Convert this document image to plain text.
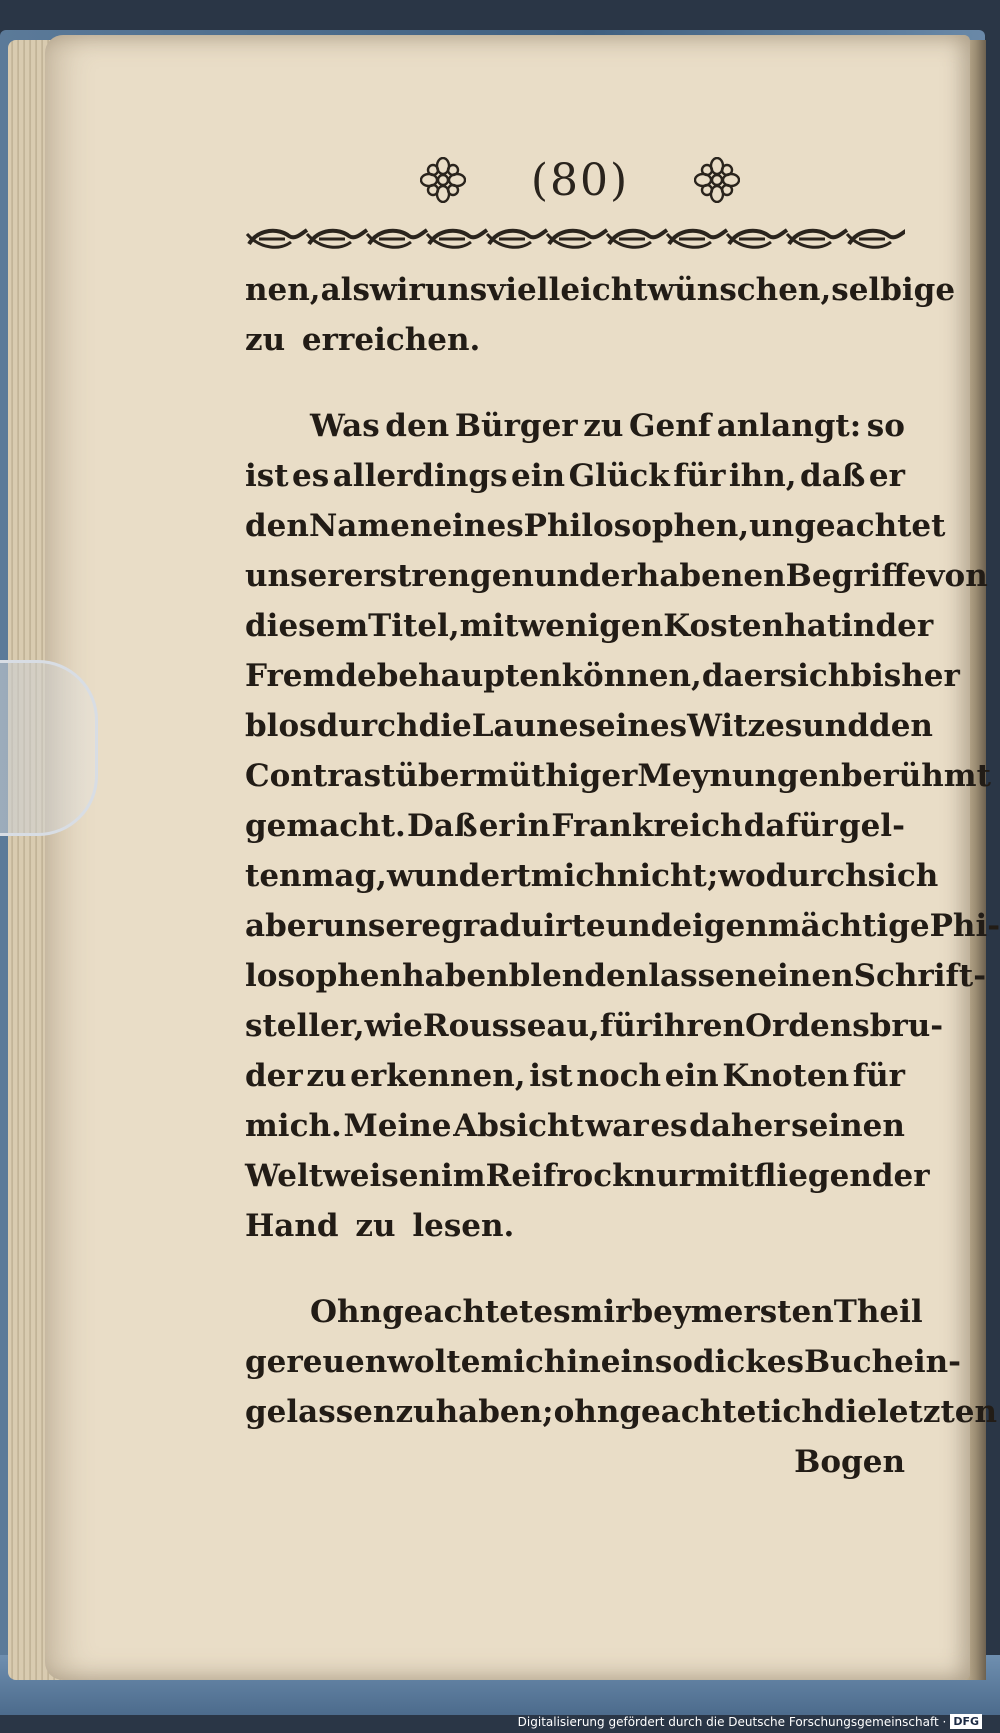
(80)
nen, als wir uns vielleicht wünschen, selbige
zu erreichen.
Was den Bürger zu Genf anlangt: so
ist es allerdings ein Glück für ihn, daß er
den Namen eines Philosophen, ungeachtet
unserer strengen und erhabenen Begriffe von
diesem Titel, mit wenigen Kosten hat in der
Fremde behaupten können, da er sich bisher
blos durch die Laune seines Witzes und den
Contrast übermüthiger Meynungen berühmt
gemacht. Daß er in Frankreich dafür gel-
ten mag, wundert mich nicht; wodurch sich
aber unsere graduirte und eigenmächtige Phi-
losophen haben blenden lassen einen Schrift-
steller, wie Rousseau, für ihren Ordensbru-
der zu erkennen, ist noch ein Knoten für
mich. Meine Absicht war es daher seinen
Weltweisen im Reifrock nur mit fliegender
Hand zu lesen.
Ohngeachtet es mir beym ersten Theil
gereuen wolte mich in ein so dickes Buch ein-
gelassen zu haben; ohngeachtet ich die letzten
Bogen
Digitalisierung gefördert durch die Deutsche Forschungsgemeinschaft · DFG
